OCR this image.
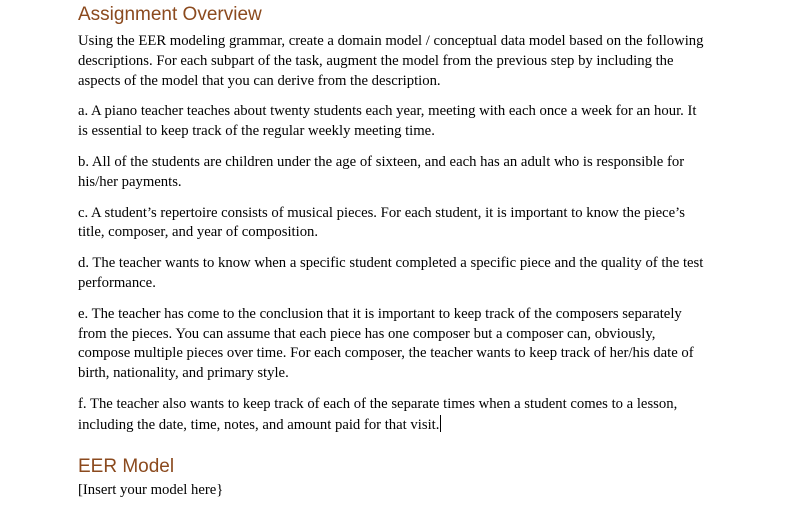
Assignment Overview

Using the EER modeling grammar, create a domain model / conceptual data model based on the following descriptions. For each subpart of the task, augment the model from the previous step by including the aspects of the model that you can derive from the description.

a. A piano teacher teaches about twenty students each year, meeting with each once a week for an hour. It is essential to keep track of the regular weekly meeting time.

b. All of the students are children under the age of sixteen, and each has an adult who is responsible for his/her payments.

c. A student’s repertoire consists of musical pieces. For each student, it is important to know the piece’s title, composer, and year of composition.

d. The teacher wants to know when a specific student completed a specific piece and the quality of the test performance.

e. The teacher has come to the conclusion that it is important to keep track of the composers separately from the pieces. You can assume that each piece has one composer but a composer can, obviously, compose multiple pieces over time. For each composer, the teacher wants to keep track of her/his date of birth, nationality, and primary style.

f. The teacher also wants to keep track of each of the separate times when a student comes to a lesson, including the date, time, notes, and amount paid for that visit.

EER Model

[Insert your model here}
